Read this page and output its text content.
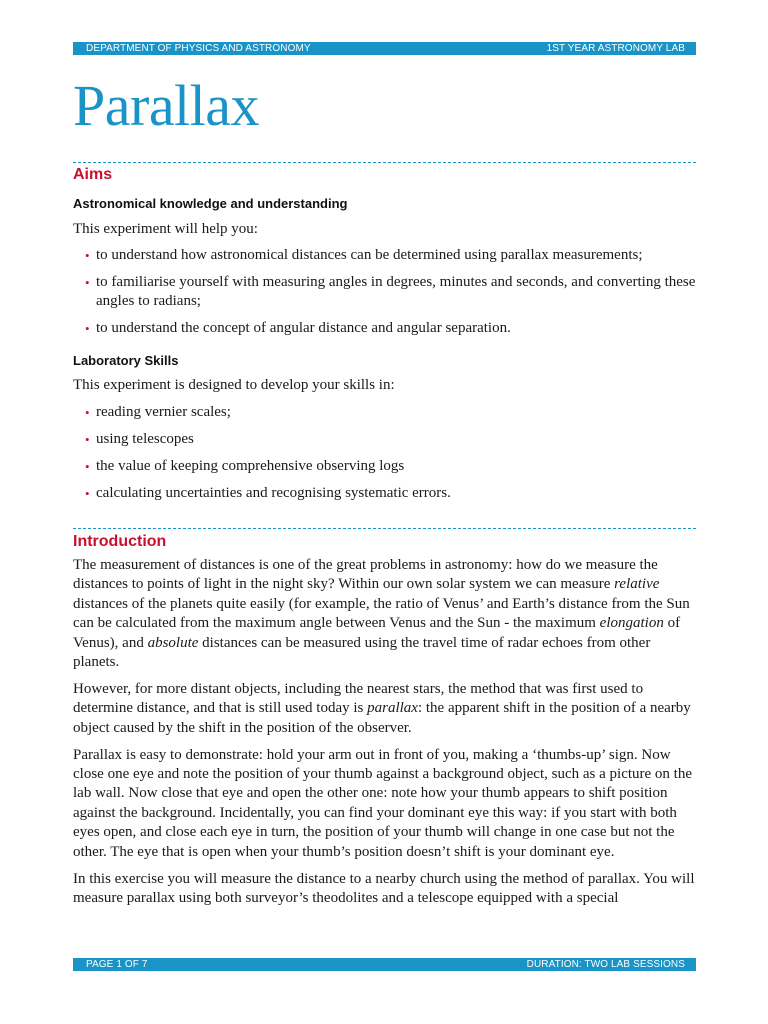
DEPARTMENT OF PHYSICS AND ASTRONOMY	1ST YEAR ASTRONOMY LAB
Parallax
Aims
Astronomical knowledge and understanding

This experiment will help you:

• to understand how astronomical distances can be determined using parallax measurements;
• to familiarise yourself with measuring angles in degrees, minutes and seconds, and converting these angles to radians;
• to understand the concept of angular distance and angular separation.
Laboratory Skills

This experiment is designed to develop your skills in:

• reading vernier scales;
• using telescopes
• the value of keeping comprehensive observing logs
• calculating uncertainties and recognising systematic errors.
Introduction

The measurement of distances is one of the great problems in astronomy: how do we measure the distances to points of light in the night sky? Within our own solar system we can measure relative distances of the planets quite easily (for example, the ratio of Venus’ and Earth’s distance from the Sun can be calculated from the maximum angle between Venus and the Sun - the maximum elongation of Venus), and absolute distances can be measured using the travel time of radar echoes from other planets.

However, for more distant objects, including the nearest stars, the method that was first used to determine distance, and that is still used today is parallax: the apparent shift in the position of a nearby object caused by the shift in the position of the observer.

Parallax is easy to demonstrate: hold your arm out in front of you, making a ‘thumbs-up’ sign. Now close one eye and note the position of your thumb against a background object, such as a picture on the lab wall. Now close that eye and open the other one: note how your thumb appears to shift position against the background. Incidentally, you can find your dominant eye this way: if you start with both eyes open, and close each eye in turn, the position of your thumb will change in one case but not the other. The eye that is open when your thumb’s position doesn’t shift is your dominant eye.

In this exercise you will measure the distance to a nearby church using the method of parallax. You will measure parallax using both surveyor’s theodolites and a telescope equipped with a special

PAGE 1 OF 7	DURATION: TWO LAB SESSIONS
